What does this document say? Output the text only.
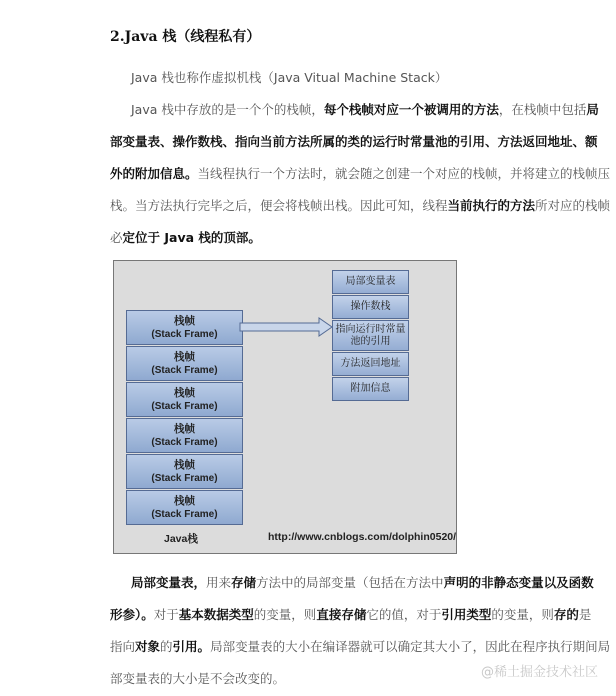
2.Java 栈（线程私有）
Java 栈也称作虚拟机栈（Java Vitual Machine Stack）
Java 栈中存放的是一个个的栈帧，每个栈帧对应一个被调用的方法，在栈帧中包括局
部变量表、操作数栈、指向当前方法所属的类的运行时常量池的引用、方法返回地址、额
外的附加信息。当线程执行一个方法时，就会随之创建一个对应的栈帧，并将建立的栈帧压
栈。当方法执行完毕之后，便会将栈帧出栈。因此可知，线程当前执行的方法所对应的栈帧
必定位于 Java 栈的顶部。
栈帧
(Stack Frame)
栈帧
(Stack Frame)
栈帧
(Stack Frame)
栈帧
(Stack Frame)
栈帧
(Stack Frame)
栈帧
(Stack Frame)
局部变量表
操作数栈
指向运行时常量池的引用
方法返回地址
附加信息
Java栈	http://www.cnblogs.com/dolphin0520/
局部变量表，用来存储方法中的局部变量（包括在方法中声明的非静态变量以及函数
形参）。对于基本数据类型的变量，则直接存储它的值，对于引用类型的变量，则存的是
指向对象的引用。局部变量表的大小在编译器就可以确定其大小了，因此在程序执行期间局
部变量表的大小是不会改变的。	@稀土掘金技术社区
